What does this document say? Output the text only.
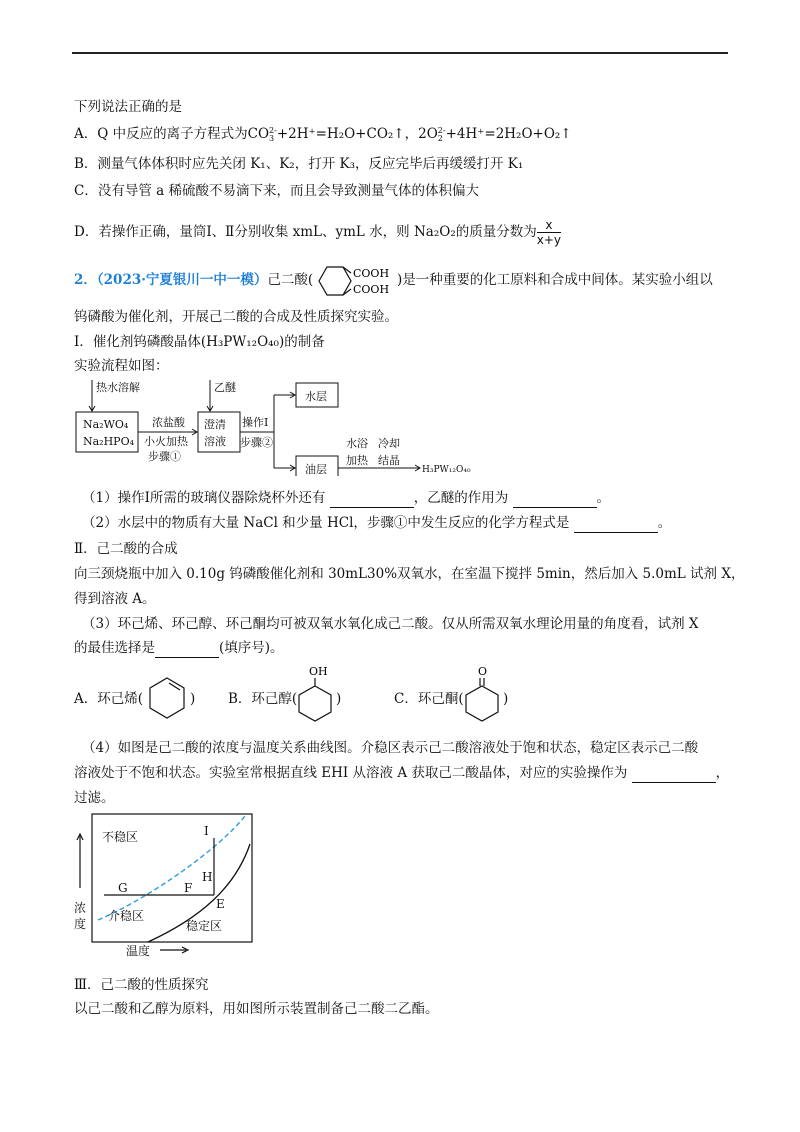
下列说法正确的是
A．Q 中反应的离子方程式为CO 2-
3 +2H⁺=H₂O+CO₂↑，2O 2-
2 +4H⁺=2H₂O+O₂↑
B．测量气体体积时应先关闭 K₁、K₂，打开 K₃，反应完毕后再缓缓打开 K₁
C．没有导管 a 稀硫酸不易滴下来，而且会导致测量气体的体积偏大
D．若操作正确，量筒Ⅰ、Ⅱ分别收集 xmL、ymL 水，则 Na₂O₂的质量分数为 $\frac{x}{x+y}$
2．（2023·宁夏银川一中一模）己二酸(	COOH
COOH
)是一种重要的化工原料和合成中间体。某实验小组以
钨磷酸为催化剂，开展己二酸的合成及性质探究实验。
Ⅰ．催化剂钨磷酸晶体(H₃PW₁₂O₄₀)的制备
实验流程如图：
热水溶解
Na₂WO₄
Na₂HPO₄
浓盐酸
小火加热
步骤①
乙醚
澄清
溶液
操作Ⅰ
步骤②
水层
油层
水浴
加热
冷却
结晶
H₃PW₁₂O₄₀
（1）操作Ⅰ所需的玻璃仪器除烧杯外还有	，乙醚的作用为	。
（2）水层中的物质有大量 NaCl 和少量 HCl，步骤①中发生反应的化学方程式是	。
Ⅱ．己二酸的合成
向三颈烧瓶中加入 0.10g 钨磷酸催化剂和 30mL30%双氧水，在室温下搅拌 5min，然后加入 5.0mL 试剂 X，
得到溶液 A。
（3）环己烯、环己醇、环己酮均可被双氧水氧化成己二酸。仅从所需双氧水理论用量的角度看，试剂 X
的最佳选择是	(填序号)。
A．环己烯(	) B．环己醇(
OH
)	C．环己酮(
O
)
（4）如图是己二酸的浓度与温度关系曲线图。介稳区表示己二酸溶液处于饱和状态，稳定区表示己二酸
溶液处于不饱和状态。实验室常根据直线 EHI 从溶液 A 获取己二酸晶体，对应的实验操作为	，
过滤。
不稳区
介稳区
稳定区
I
H
G	F
E
浓
度
温度
Ⅲ．己二酸的性质探究
以己二酸和乙醇为原料，用如图所示装置制备己二酸二乙酯。
